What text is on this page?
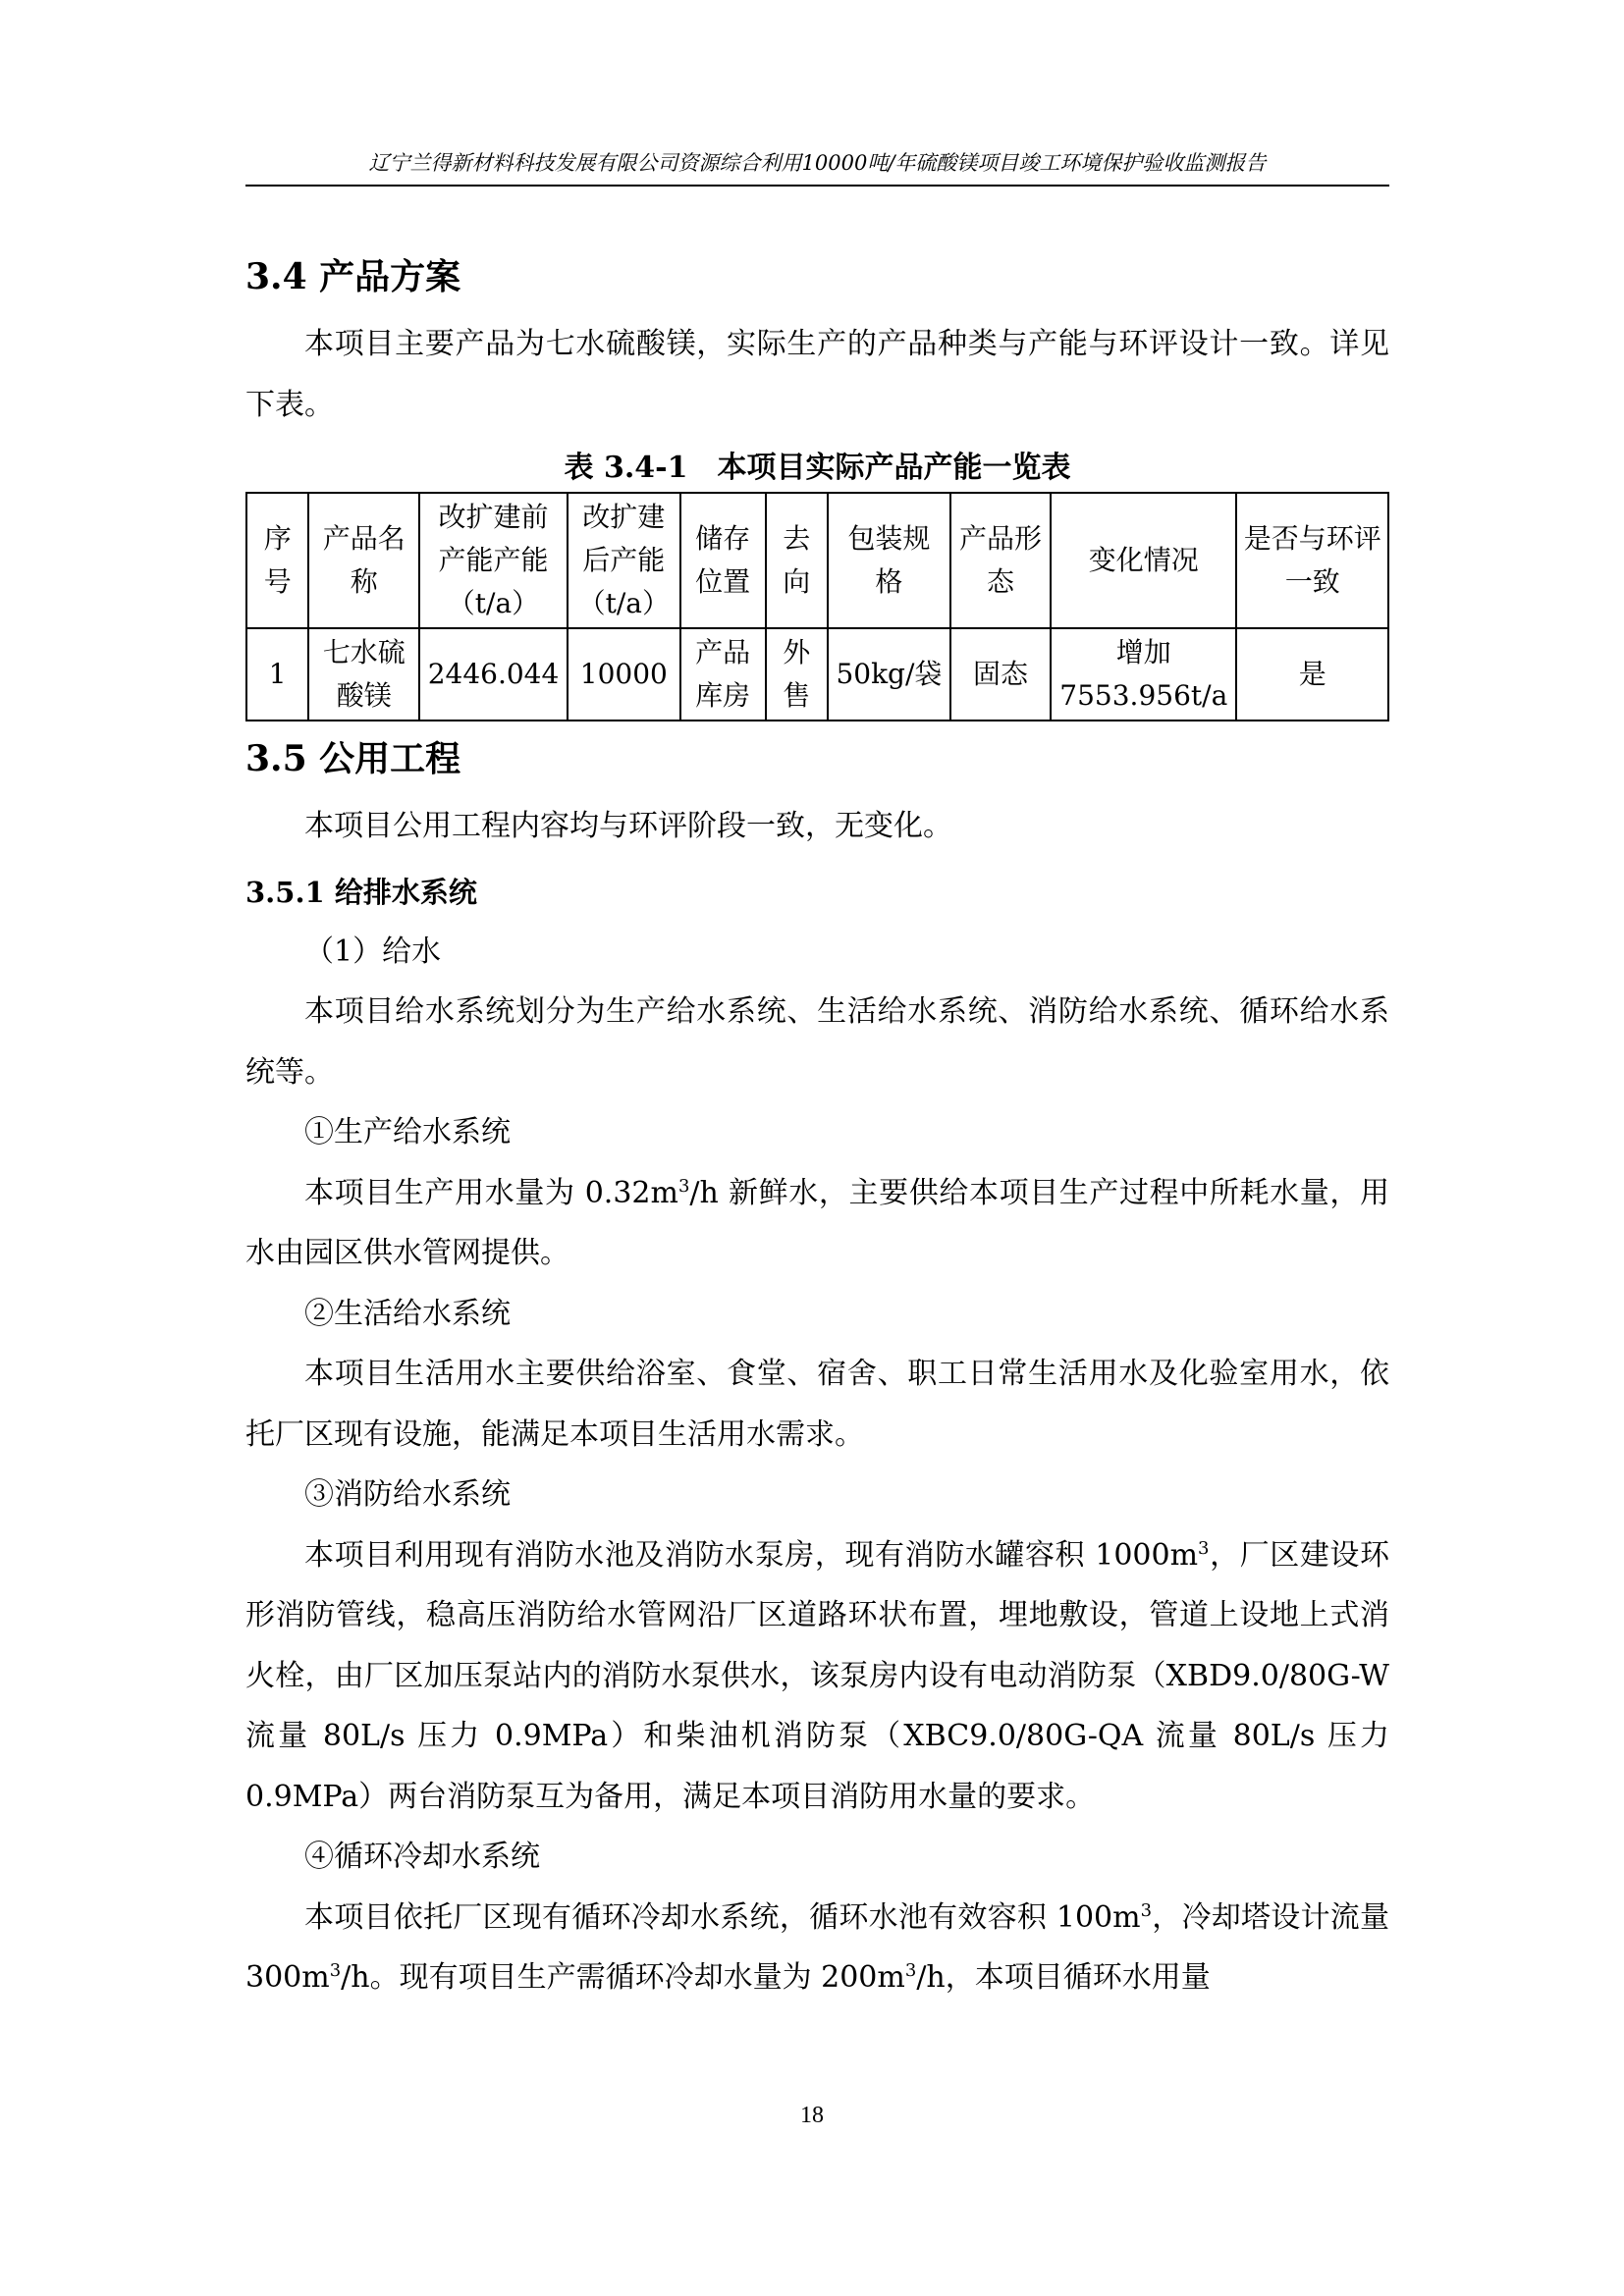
辽宁兰得新材料科技发展有限公司资源综合利用10000吨/年硫酸镁项目竣工环境保护验收监测报告
3.4 产品方案

本项目主要产品为七水硫酸镁，实际生产的产品种类与产能与环评设计一致。详见下表。

表 3.4-1　本项目实际产品产能一览表
序号	产品名称	改扩建前产能产能（t/a）	改扩建后产能（t/a）	储存位置	去向	包装规格	产品形态	变化情况	是否与环评一致
1	七水硫酸镁	2446.044	10000	产品库房	外售	50kg/袋	固态	增加7553.956t/a	是
3.5 公用工程

本项目公用工程内容均与环评阶段一致，无变化。

3.5.1 给排水系统

（1）给水

本项目给水系统划分为生产给水系统、生活给水系统、消防给水系统、循环给水系统等。

①生产给水系统

本项目生产用水量为 $0.32m^3/h$ 新鲜水，主要供给本项目生产过程中所耗水量，用水由园区供水管网提供。

②生活给水系统

本项目生活用水主要供给浴室、食堂、宿舍、职工日常生活用水及化验室用水，依托厂区现有设施，能满足本项目生活用水需求。

③消防给水系统

本项目利用现有消防水池及消防水泵房，现有消防水罐容积 $1000m^3$，厂区建设环形消防管线，稳高压消防给水管网沿厂区道路环状布置，埋地敷设，管道上设地上式消火栓，由厂区加压泵站内的消防水泵供水，该泵房内设有电动消防泵（XBD9.0/80G-W 流量 80L/s 压力 0.9MPa）和柴油机消防泵（XBC9.0/80G-QA 流量 80L/s 压力 0.9MPa）两台消防泵互为备用，满足本项目消防用水量的要求。

④循环冷却水系统

本项目依托厂区现有循环冷却水系统，循环水池有效容积 $100m^3$，冷却塔设计流量 $300m^3/h$。现有项目生产需循环冷却水量为 $200m^3/h$，本项目循环水用量

18
